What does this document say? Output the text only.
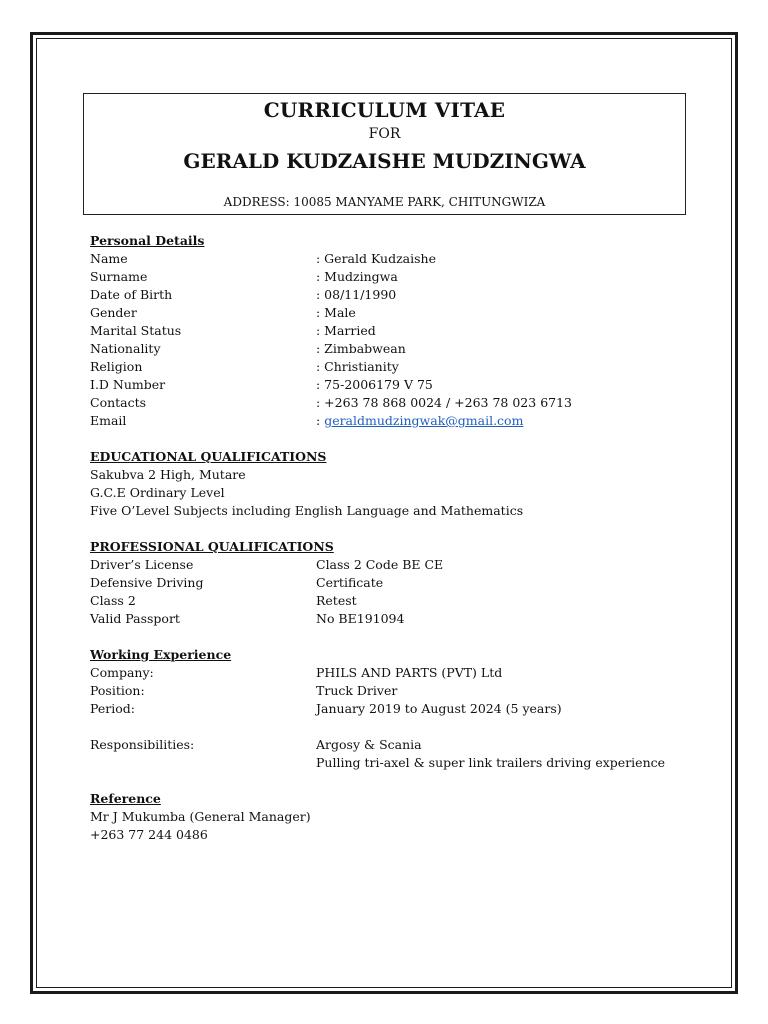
CURRICULUM VITAE
FOR
GERALD KUDZAISHE MUDZINGWA
ADDRESS: 10085 MANYAME PARK, CHITUNGWIZA
Personal Details
Name	: Gerald Kudzaishe
Surname	: Mudzingwa
Date of Birth	: 08/11/1990
Gender	: Male
Marital Status	: Married
Nationality	: Zimbabwean
Religion	: Christianity
I.D Number	: 75-2006179 V 75
Contacts	: +263 78 868 0024 / +263 78 023 6713
Email	: geraldmudzingwak@gmail.com
EDUCATIONAL QUALIFICATIONS
Sakubva 2 High, Mutare
G.C.E Ordinary Level
Five O’Level Subjects including English Language and Mathematics
PROFESSIONAL QUALIFICATIONS
Driver’s License	Class 2 Code BE CE
Defensive Driving	Certificate
Class 2	Retest
Valid Passport	No BE191094
Working Experience
Company:	PHILS AND PARTS (PVT) Ltd
Position:	Truck Driver
Period:	January 2019 to August 2024 (5 years)
Responsibilities:	Argosy & Scania
Pulling tri-axel & super link trailers driving experience
Reference
Mr J Mukumba (General Manager)
+263 77 244 0486
